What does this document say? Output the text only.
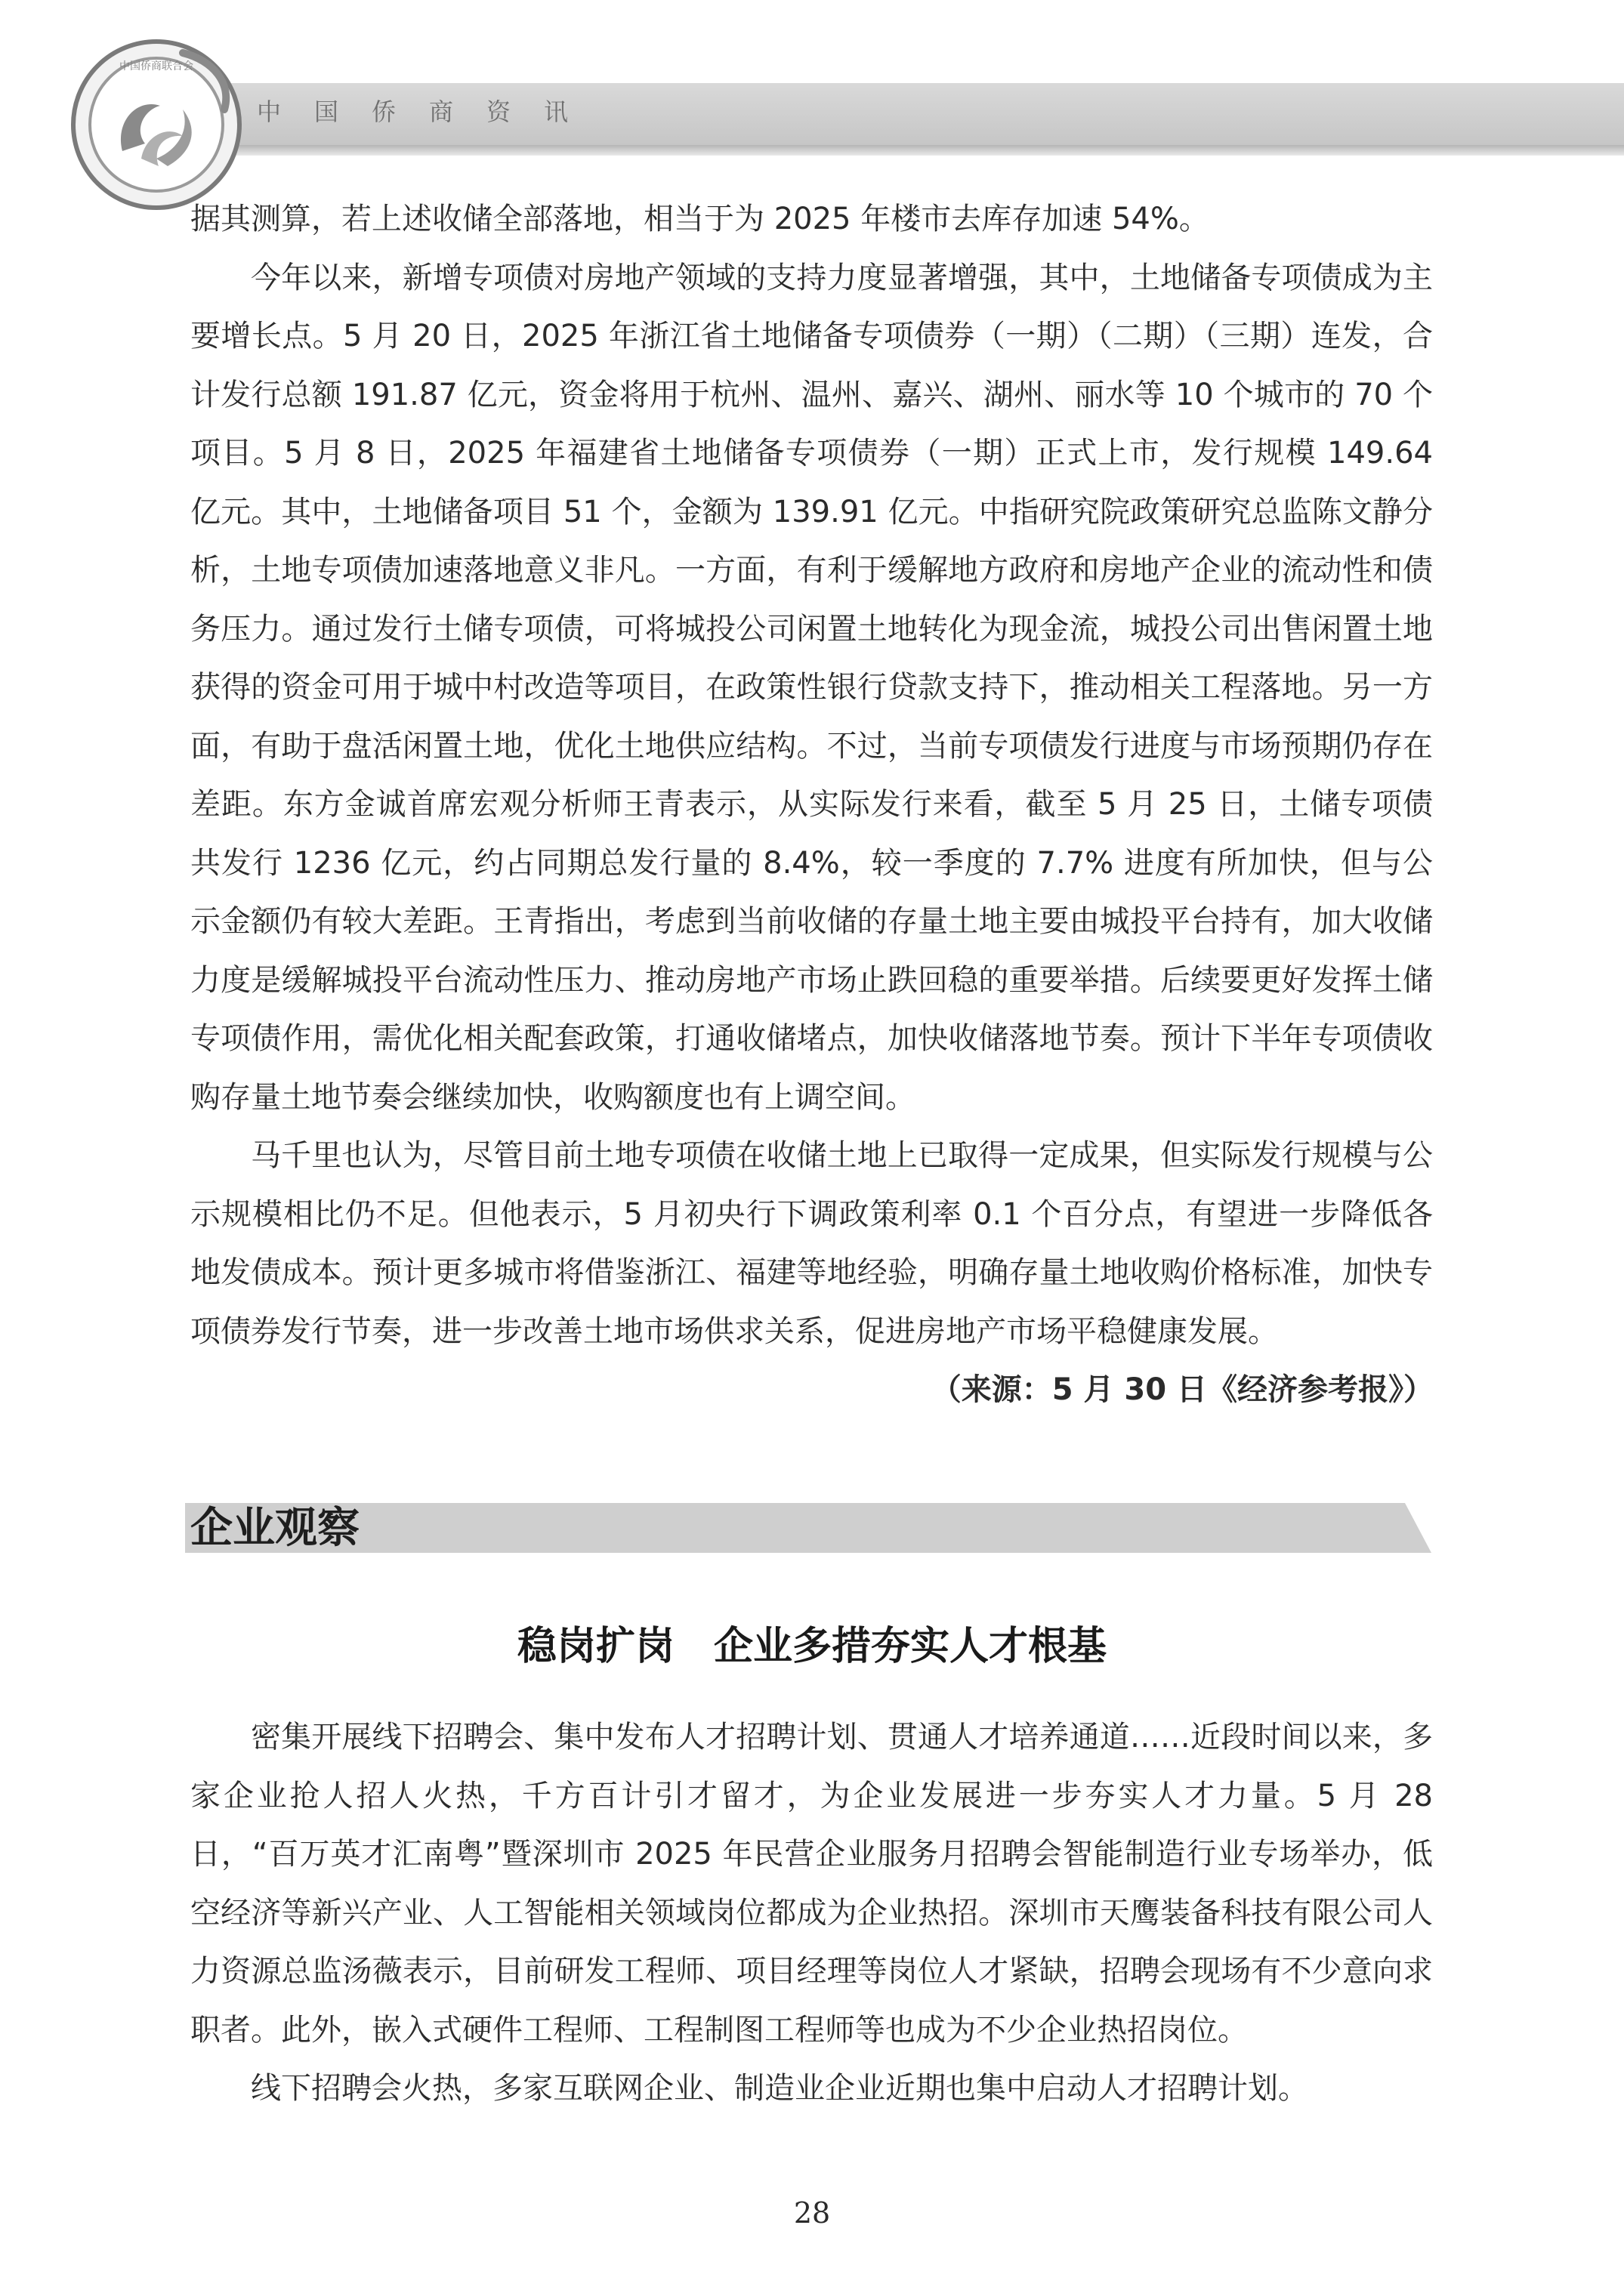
中国侨商联合会
中国侨商资讯

据其测算，若上述收储全部落地，相当于为 2025 年楼市去库存加速 54%。

今年以来，新增专项债对房地产领域的支持力度显著增强，其中，土地储备专项债成为主要增长点。5 月 20 日，2025 年浙江省土地储备专项债券（一期）（二期）（三期）连发，合计发行总额 191.87 亿元，资金将用于杭州、温州、嘉兴、湖州、丽水等 10 个城市的 70 个项目。5 月 8 日，2025 年福建省土地储备专项债券（一期）正式上市，发行规模 149.64 亿元。其中，土地储备项目 51 个，金额为 139.91 亿元。中指研究院政策研究总监陈文静分析，土地专项债加速落地意义非凡。一方面，有利于缓解地方政府和房地产企业的流动性和债务压力。通过发行土储专项债，可将城投公司闲置土地转化为现金流，城投公司出售闲置土地获得的资金可用于城中村改造等项目，在政策性银行贷款支持下，推动相关工程落地。另一方面，有助于盘活闲置土地，优化土地供应结构。不过，当前专项债发行进度与市场预期仍存在差距。东方金诚首席宏观分析师王青表示，从实际发行来看，截至 5 月 25 日，土储专项债共发行 1236 亿元，约占同期总发行量的 8.4%，较一季度的 7.7% 进度有所加快，但与公示金额仍有较大差距。王青指出，考虑到当前收储的存量土地主要由城投平台持有，加大收储力度是缓解城投平台流动性压力、推动房地产市场止跌回稳的重要举措。后续要更好发挥土储专项债作用，需优化相关配套政策，打通收储堵点，加快收储落地节奏。预计下半年专项债收购存量土地节奏会继续加快，收购额度也有上调空间。

马千里也认为，尽管目前土地专项债在收储土地上已取得一定成果，但实际发行规模与公示规模相比仍不足。但他表示，5 月初央行下调政策利率 0.1 个百分点，有望进一步降低各地发债成本。预计更多城市将借鉴浙江、福建等地经验，明确存量土地收购价格标准，加快专项债券发行节奏，进一步改善土地市场供求关系，促进房地产市场平稳健康发展。

（来源：5 月 30 日《经济参考报》）
企业观察
稳岗扩岗　企业多措夯实人才根基

密集开展线下招聘会、集中发布人才招聘计划、贯通人才培养通道……近段时间以来，多家企业抢人招人火热，千方百计引才留才，为企业发展进一步夯实人才力量。5 月 28 日，“百万英才汇南粤”暨深圳市 2025 年民营企业服务月招聘会智能制造行业专场举办，低空经济等新兴产业、人工智能相关领域岗位都成为企业热招。深圳市天鹰装备科技有限公司人力资源总监汤薇表示，目前研发工程师、项目经理等岗位人才紧缺，招聘会现场有不少意向求职者。此外，嵌入式硬件工程师、工程制图工程师等也成为不少企业热招岗位。

线下招聘会火热，多家互联网企业、制造业企业近期也集中启动人才招聘计划。

28
